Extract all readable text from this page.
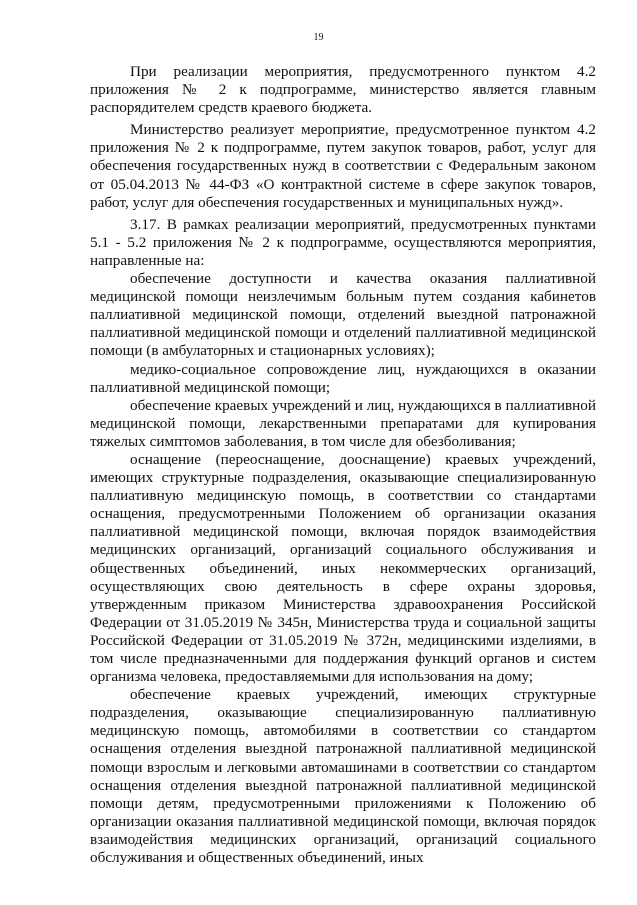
19

При реализации мероприятия, предусмотренного пунктом 4.2 приложения № 2 к подпрограмме, министерство является главным распорядителем средств краевого бюджета.

Министерство реализует мероприятие, предусмотренное пунктом 4.2 приложения № 2 к подпрограмме, путем закупок товаров, работ, услуг для обеспечения государственных нужд в соответствии с Федеральным законом от 05.04.2013 № 44-ФЗ «О контрактной системе в сфере закупок товаров, работ, услуг для обеспечения государственных и муниципальных нужд».

3.17. В рамках реализации мероприятий, предусмотренных пунктами 5.1 - 5.2 приложения № 2 к подпрограмме, осуществляются мероприятия, направленные на:

обеспечение доступности и качества оказания паллиативной медицинской помощи неизлечимым больным путем создания кабинетов паллиативной медицинской помощи, отделений выездной патронажной паллиативной медицинской помощи и отделений паллиативной медицинской помощи (в амбулаторных и стационарных условиях);

медико-социальное сопровождение лиц, нуждающихся в оказании паллиативной медицинской помощи;

обеспечение краевых учреждений и лиц, нуждающихся в паллиативной медицинской помощи, лекарственными препаратами для купирования тяжелых симптомов заболевания, в том числе для обезболивания;

оснащение (переоснащение, дооснащение) краевых учреждений, имеющих структурные подразделения, оказывающие специализированную паллиативную медицинскую помощь, в соответствии со стандартами оснащения, предусмотренными Положением об организации оказания паллиативной медицинской помощи, включая порядок взаимодействия медицинских организаций, организаций социального обслуживания и общественных объединений, иных некоммерческих организаций, осуществляющих свою деятельность в сфере охраны здоровья, утвержденным приказом Министерства здравоохранения Российской Федерации от 31.05.2019 № 345н, Министерства труда и социальной защиты Российской Федерации от 31.05.2019 № 372н, медицинскими изделиями, в том числе предназначенными для поддержания функций органов и систем организма человека, предоставляемыми для использования на дому;

обеспечение краевых учреждений, имеющих структурные подразделения, оказывающие специализированную паллиативную медицинскую помощь, автомобилями в соответствии со стандартом оснащения отделения выездной патронажной паллиативной медицинской помощи взрослым и легковыми автомашинами в соответствии со стандартом оснащения отделения выездной патронажной паллиативной медицинской помощи детям, предусмотренными приложениями к Положению об организации оказания паллиативной медицинской помощи, включая порядок взаимодействия медицинских организаций, организаций социального обслуживания и общественных объединений, иных
